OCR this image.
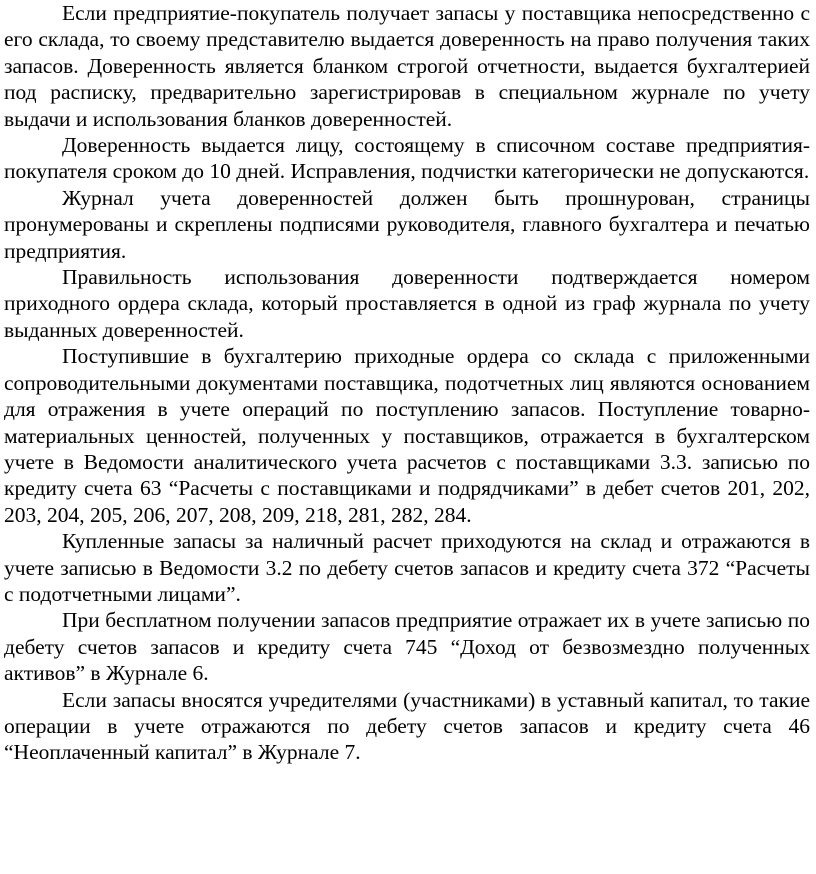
Если предприятие-покупатель получает запасы у поставщика непосредственно с его склада, то своему представителю выдается доверенность на право получения таких запасов. Доверенность является бланком строгой отчетности, выдается бухгалтерией под расписку, предварительно зарегистрировав в специальном журнале по учету выдачи и использования бланков доверенностей.

Доверенность выдается лицу, состоящему в списочном составе предприятия-покупателя сроком до 10 дней. Исправления, подчистки категорически не допускаются.

Журнал учета доверенностей должен быть прошнурован, страницы пронумерованы и скреплены подписями руководителя, главного бухгалтера и печатью предприятия.

Правильность использования доверенности подтверждается номером приходного ордера склада, который проставляется в одной из граф журнала по учету выданных доверенностей.

Поступившие в бухгалтерию приходные ордера со склада с приложенными сопроводительными документами поставщика, подотчетных лиц являются основанием для отражения в учете операций по поступлению запасов. Поступление товарно-материальных ценностей, полученных у поставщиков, отражается в бухгалтерском учете в Ведомости аналитического учета расчетов с поставщиками 3.3. записью по кредиту счета 63 “Расчеты с поставщиками и подрядчиками” в дебет счетов 201, 202, 203, 204, 205, 206, 207, 208, 209, 218, 281, 282, 284.

Купленные запасы за наличный расчет приходуются на склад и отражаются в учете записью в Ведомости 3.2 по дебету счетов запасов и кредиту счета 372 “Расчеты с подотчетными лицами”.

При бесплатном получении запасов предприятие отражает их в учете записью по дебету счетов запасов и кредиту счета 745 “Доход от безвозмездно полученных активов” в Журнале 6.

Если запасы вносятся учредителями (участниками) в уставный капитал, то такие операции в учете отражаются по дебету счетов запасов и кредиту счета 46 “Неоплаченный капитал” в Журнале 7.
